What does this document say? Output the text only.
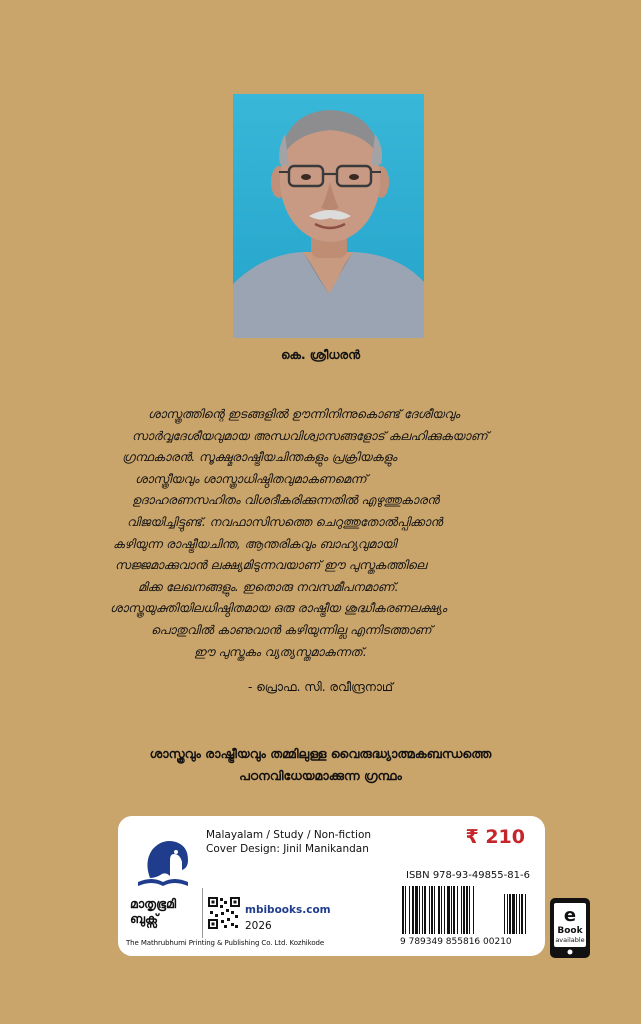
കെ. ശ്രീധരൻ
ശാസ്ത്രത്തിന്റെ ഇടങ്ങളിൽ ഊന്നിനിന്നുകൊണ്ട് ദേശീയവും
സാർവ്വദേശീയവുമായ അന്ധവിശ്വാസങ്ങളോട് കലഹിക്കുകയാണ്
ഗ്രന്ഥകാരൻ. സൂക്ഷ്മരാഷ്ട്രീയചിന്തകളും പ്രക്രിയകളും
ശാസ്ത്രീയവും ശാസ്ത്രാധിഷ്ഠിതവുമാകണമെന്ന്
ഉദാഹരണസഹിതം വിശദീകരിക്കുന്നതിൽ എഴുത്തുകാരൻ
വിജയിച്ചിട്ടുണ്ട്. നവഫാസിസത്തെ ചെറുത്തുതോൽപ്പിക്കാൻ
കഴിയുന്ന രാഷ്ട്രീയചിന്ത, ആന്തരികവും ബാഹ്യവുമായി
സജ്ജമാക്കുവാൻ ലക്ഷ്യമിടുന്നവയാണ് ഈ പുസ്തകത്തിലെ
മിക്ക ലേഖനങ്ങളും. ഇതൊരു നവസമീപനമാണ്.
ശാസ്ത്രയുക്തിയിലധിഷ്ഠിതമായ ഒരു രാഷ്ട്രീയ ശുദ്ധീകരണലക്ഷ്യം
പൊതുവിൽ കാണുവാൻ കഴിയുന്നില്ല എന്നിടത്താണ്
ഈ പുസ്തകം വ്യത്യസ്തമാകുന്നത്.
- പ്രൊഫ. സി. രവീന്ദ്രനാഥ്
ശാസ്ത്രവും രാഷ്ട്രീയവും തമ്മിലുള്ള വൈരുദ്ധ്യാത്മകബന്ധത്തെ
പഠനവിധേയമാക്കുന്ന ഗ്രന്ഥം
മാതൃഭൂമി
ബുക്സ്
The Mathrubhumi Printing & Publishing Co. Ltd. Kozhikode
Malayalam / Study / Non-fiction
Cover Design: Jinil Manikandan
₹ 210
mbibooks.com
2026
ISBN 978-93-49855-81-6
9 789349 855816 00210
e
Book
available
